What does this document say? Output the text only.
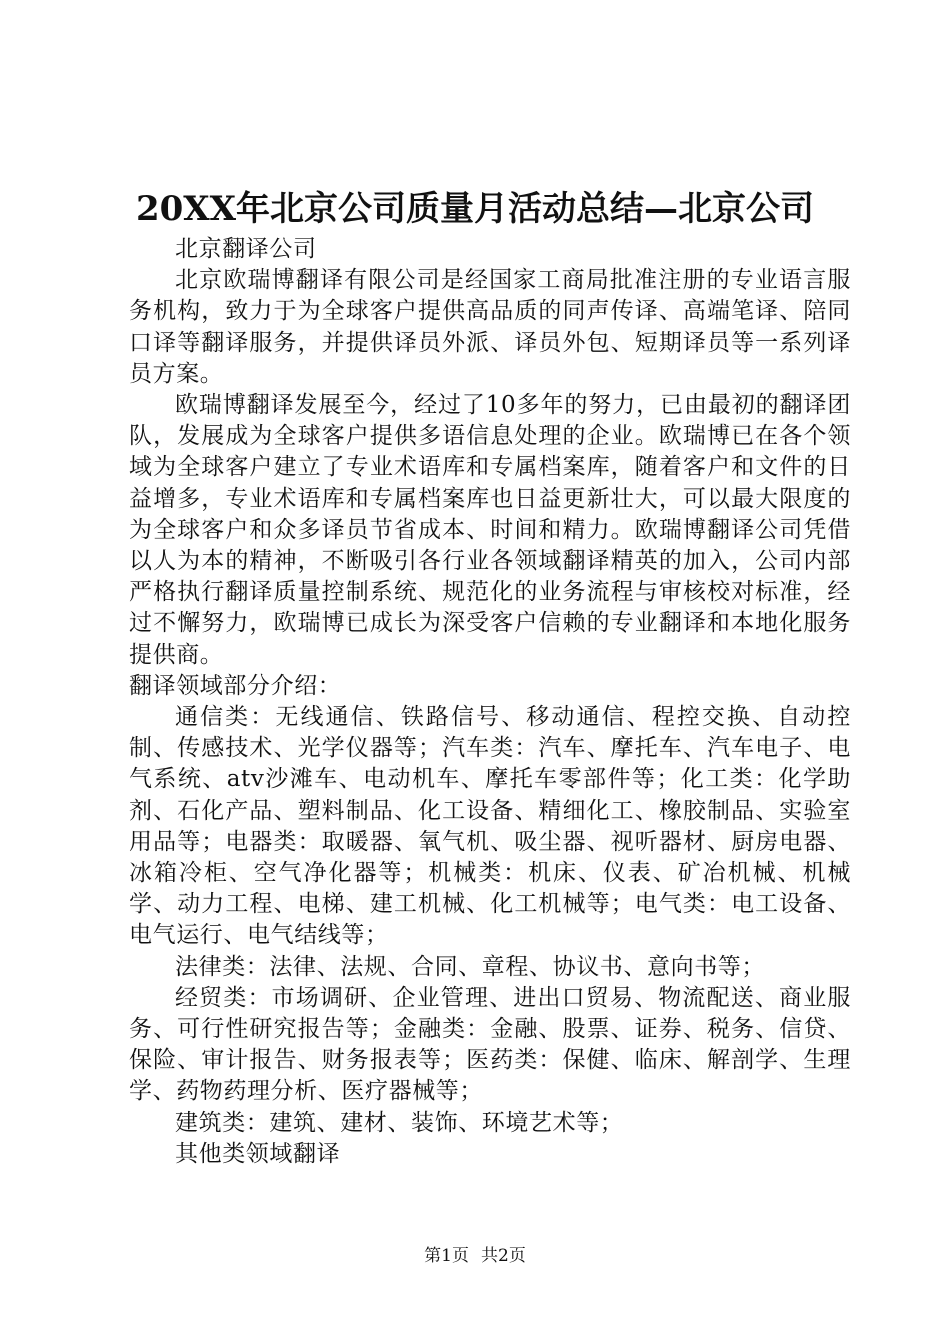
20XX年北京公司质量月活动总结—北京公司

北京翻译公司

北京欧瑞博翻译有限公司是经国家工商局批准注册的专业语言服务机构，致力于为全球客户提供高品质的同声传译、高端笔译、陪同口译等翻译服务，并提供译员外派、译员外包、短期译员等一系列译员方案。

欧瑞博翻译发展至今，经过了10多年的努力，已由最初的翻译团队，发展成为全球客户提供多语信息处理的企业。欧瑞博已在各个领域为全球客户建立了专业术语库和专属档案库，随着客户和文件的日益增多，专业术语库和专属档案库也日益更新壮大，可以最大限度的为全球客户和众多译员节省成本、时间和精力。欧瑞博翻译公司凭借以人为本的精神，不断吸引各行业各领域翻译精英的加入，公司内部严格执行翻译质量控制系统、规范化的业务流程与审核校对标准，经过不懈努力，欧瑞博已成长为深受客户信赖的专业翻译和本地化服务提供商。

翻译领域部分介绍：

通信类：无线通信、铁路信号、移动通信、程控交换、自动控制、传感技术、光学仪器等；汽车类：汽车、摩托车、汽车电子、电气系统、atv沙滩车、电动机车、摩托车零部件等；化工类：化学助剂、石化产品、塑料制品、化工设备、精细化工、橡胶制品、实验室用品等；电器类：取暖器、氧气机、吸尘器、视听器材、厨房电器、冰箱冷柜、空气净化器等；机械类：机床、仪表、矿冶机械、机械学、动力工程、电梯、建工机械、化工机械等；电气类：电工设备、电气运行、电气结线等；

法律类：法律、法规、合同、章程、协议书、意向书等；

经贸类：市场调研、企业管理、进出口贸易、物流配送、商业服务、可行性研究报告等；金融类：金融、股票、证券、税务、信贷、保险、审计报告、财务报表等；医药类：保健、临床、解剖学、生理学、药物药理分析、医疗器械等；

建筑类：建筑、建材、装饰、环境艺术等；

其他类领域翻译

第1页 共2页
